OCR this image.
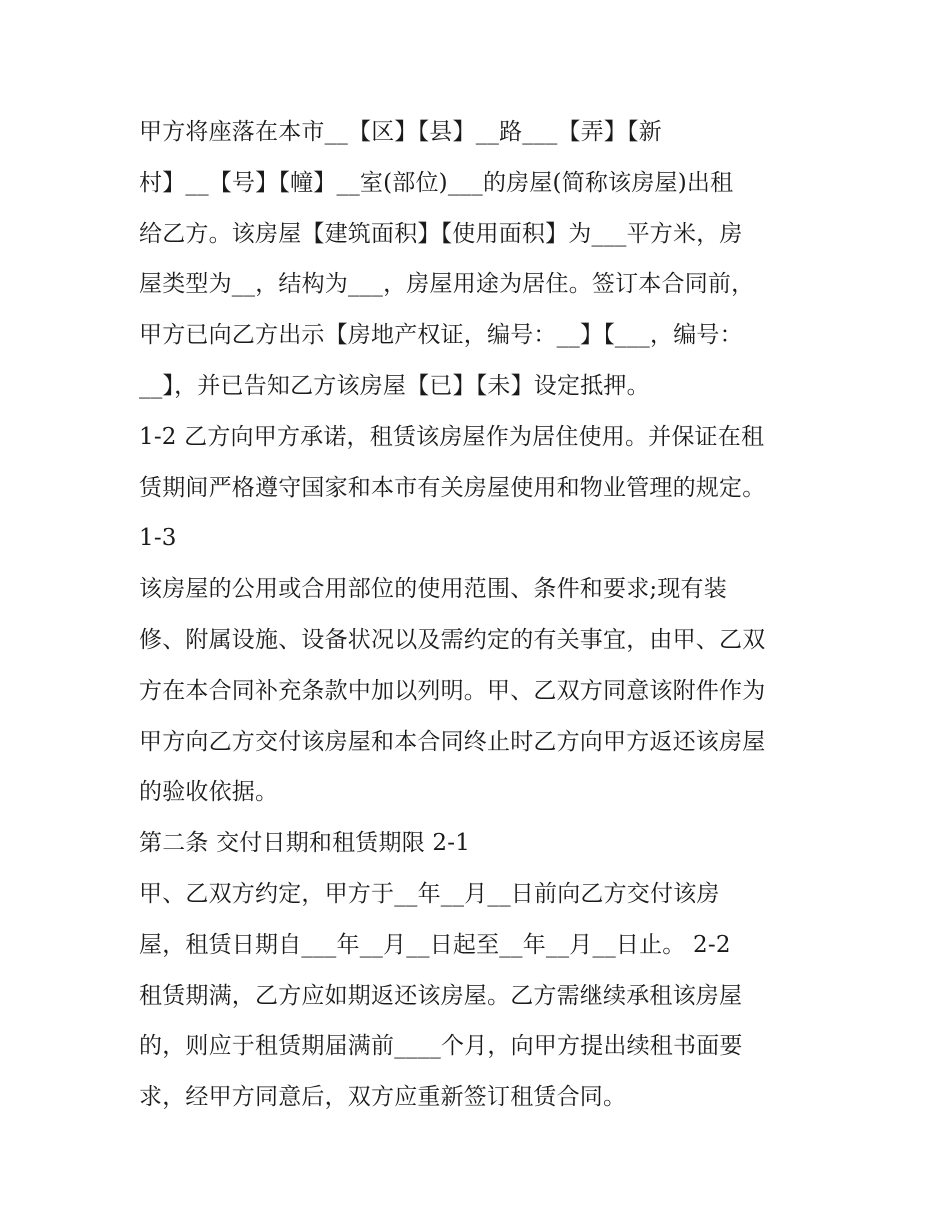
甲方将座落在本市__【区】【县】__路___【弄】【新
村】__【号】【幢】__室(部位)___的房屋(简称该房屋)出租
给乙方。该房屋【建筑面积】【使用面积】为___平方米，房
屋类型为__，结构为___，房屋用途为居住。签订本合同前，
甲方已向乙方出示【房地产权证，编号：__】【___，编号：
__】，并已告知乙方该房屋【已】【未】设定抵押。
1-2 乙方向甲方承诺，租赁该房屋作为居住使用。并保证在租
赁期间严格遵守国家和本市有关房屋使用和物业管理的规定。
1-3
该房屋的公用或合用部位的使用范围、条件和要求;现有装
修、附属设施、设备状况以及需约定的有关事宜，由甲、乙双
方在本合同补充条款中加以列明。甲、乙双方同意该附件作为
甲方向乙方交付该房屋和本合同终止时乙方向甲方返还该房屋
的验收依据。
第二条 交付日期和租赁期限 2-1
甲、乙双方约定，甲方于__年__月__日前向乙方交付该房
屋，租赁日期自___年__月__日起至__年__月__日止。 2-2
租赁期满，乙方应如期返还该房屋。乙方需继续承租该房屋
的，则应于租赁期届满前____个月，向甲方提出续租书面要
求，经甲方同意后，双方应重新签订租赁合同。
